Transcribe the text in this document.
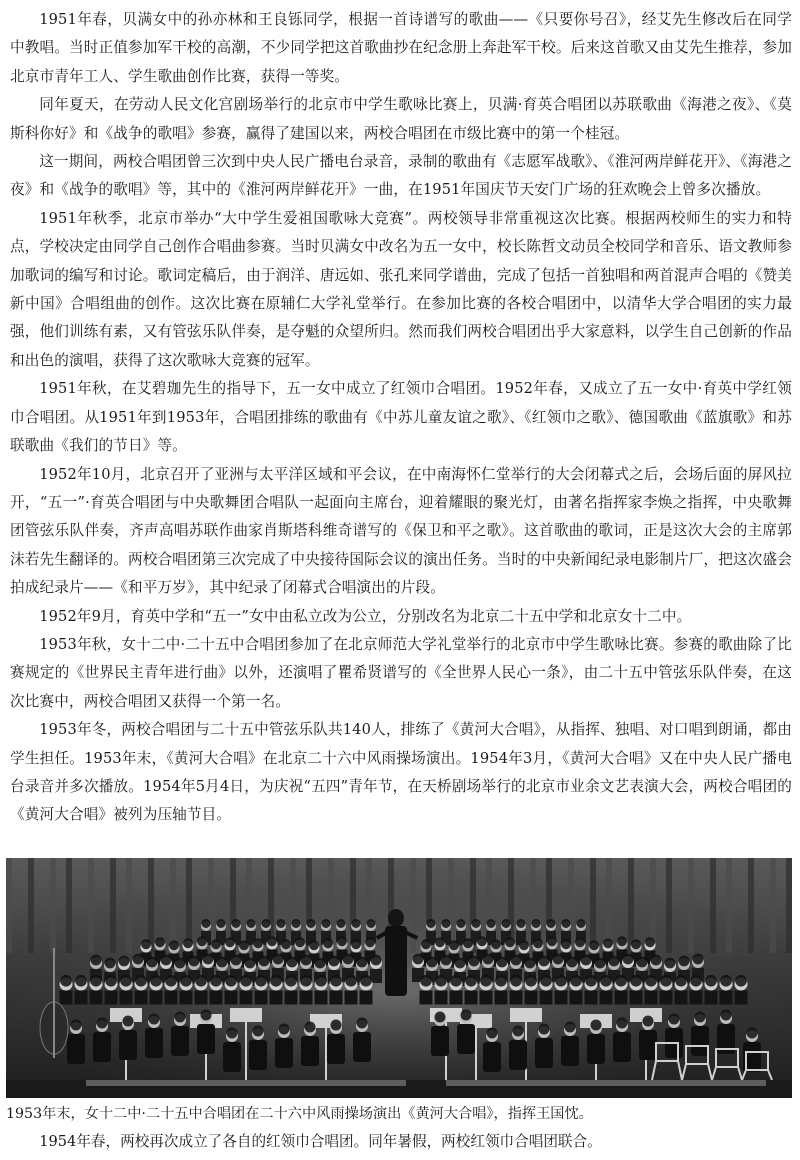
1951年春，贝满女中的孙亦林和王良铄同学，根据一首诗谱写的歌曲——《只要你号召》，经艾先生修改后在同学中教唱。当时正值参加军干校的高潮，不少同学把这首歌曲抄在纪念册上奔赴军干校。后来这首歌又由艾先生推荐，参加北京市青年工人、学生歌曲创作比赛，获得一等奖。

同年夏天，在劳动人民文化宫剧场举行的北京市中学生歌咏比赛上，贝满·育英合唱团以苏联歌曲《海港之夜》、《莫斯科你好》和《战争的歌唱》参赛，赢得了建国以来，两校合唱团在市级比赛中的第一个桂冠。

这一期间，两校合唱团曾三次到中央人民广播电台录音，录制的歌曲有《志愿军战歌》、《淮河两岸鲜花开》、《海港之夜》和《战争的歌唱》等，其中的《淮河两岸鲜花开》一曲，在1951年国庆节天安门广场的狂欢晚会上曾多次播放。

1951年秋季，北京市举办“大中学生爱祖国歌咏大竞赛”。两校领导非常重视这次比赛。根据两校师生的实力和特点，学校决定由同学自己创作合唱曲参赛。当时贝满女中改名为五一女中，校长陈哲文动员全校同学和音乐、语文教师参加歌词的编写和讨论。歌词定稿后，由于润洋、唐远如、张孔来同学谱曲，完成了包括一首独唱和两首混声合唱的《赞美新中国》合唱组曲的创作。这次比赛在原辅仁大学礼堂举行。在参加比赛的各校合唱团中，以清华大学合唱团的实力最强，他们训练有素，又有管弦乐队伴奏，是夺魁的众望所归。然而我们两校合唱团出乎大家意料，以学生自己创新的作品和出色的演唱，获得了这次歌咏大竞赛的冠军。

1951年秋，在艾碧珈先生的指导下，五一女中成立了红领巾合唱团。1952年春，又成立了五一女中·育英中学红领巾合唱团。从1951年到1953年，合唱团排练的歌曲有《中苏儿童友谊之歌》、《红领巾之歌》、德国歌曲《蓝旗歌》和苏联歌曲《我们的节日》等。

1952年10月，北京召开了亚洲与太平洋区域和平会议，在中南海怀仁堂举行的大会闭幕式之后，会场后面的屏风拉开，“五一”·育英合唱团与中央歌舞团合唱队一起面向主席台，迎着耀眼的聚光灯，由著名指挥家李焕之指挥，中央歌舞团管弦乐队伴奏，齐声高唱苏联作曲家肖斯塔科维奇谱写的《保卫和平之歌》。这首歌曲的歌词，正是这次大会的主席郭沫若先生翻译的。两校合唱团第三次完成了中央接待国际会议的演出任务。当时的中央新闻纪录电影制片厂，把这次盛会拍成纪录片——《和平万岁》，其中纪录了闭幕式合唱演出的片段。

1952年9月，育英中学和“五一”女中由私立改为公立，分别改名为北京二十五中学和北京女十二中。

1953年秋，女十二中·二十五中合唱团参加了在北京师范大学礼堂举行的北京市中学生歌咏比赛。参赛的歌曲除了比赛规定的《世界民主青年进行曲》以外，还演唱了瞿希贤谱写的《全世界人民心一条》，由二十五中管弦乐队伴奏，在这次比赛中，两校合唱团又获得一个第一名。

1953年冬，两校合唱团与二十五中管弦乐队共140人，排练了《黄河大合唱》，从指挥、独唱、对口唱到朗诵，都由学生担任。1953年末，《黄河大合唱》在北京二十六中风雨操场演出。1954年3月，《黄河大合唱》又在中央人民广播电台录音并多次播放。1954年5月4日，为庆祝“五四”青年节，在天桥剧场举行的北京市业余文艺表演大会，两校合唱团的《黄河大合唱》被列为压轴节目。

1953年末，女十二中·二十五中合唱团在二十六中风雨操场演出《黄河大合唱》，指挥王国忱。

1954年春，两校再次成立了各自的红领巾合唱团。同年暑假，两校红领巾合唱团联合。
